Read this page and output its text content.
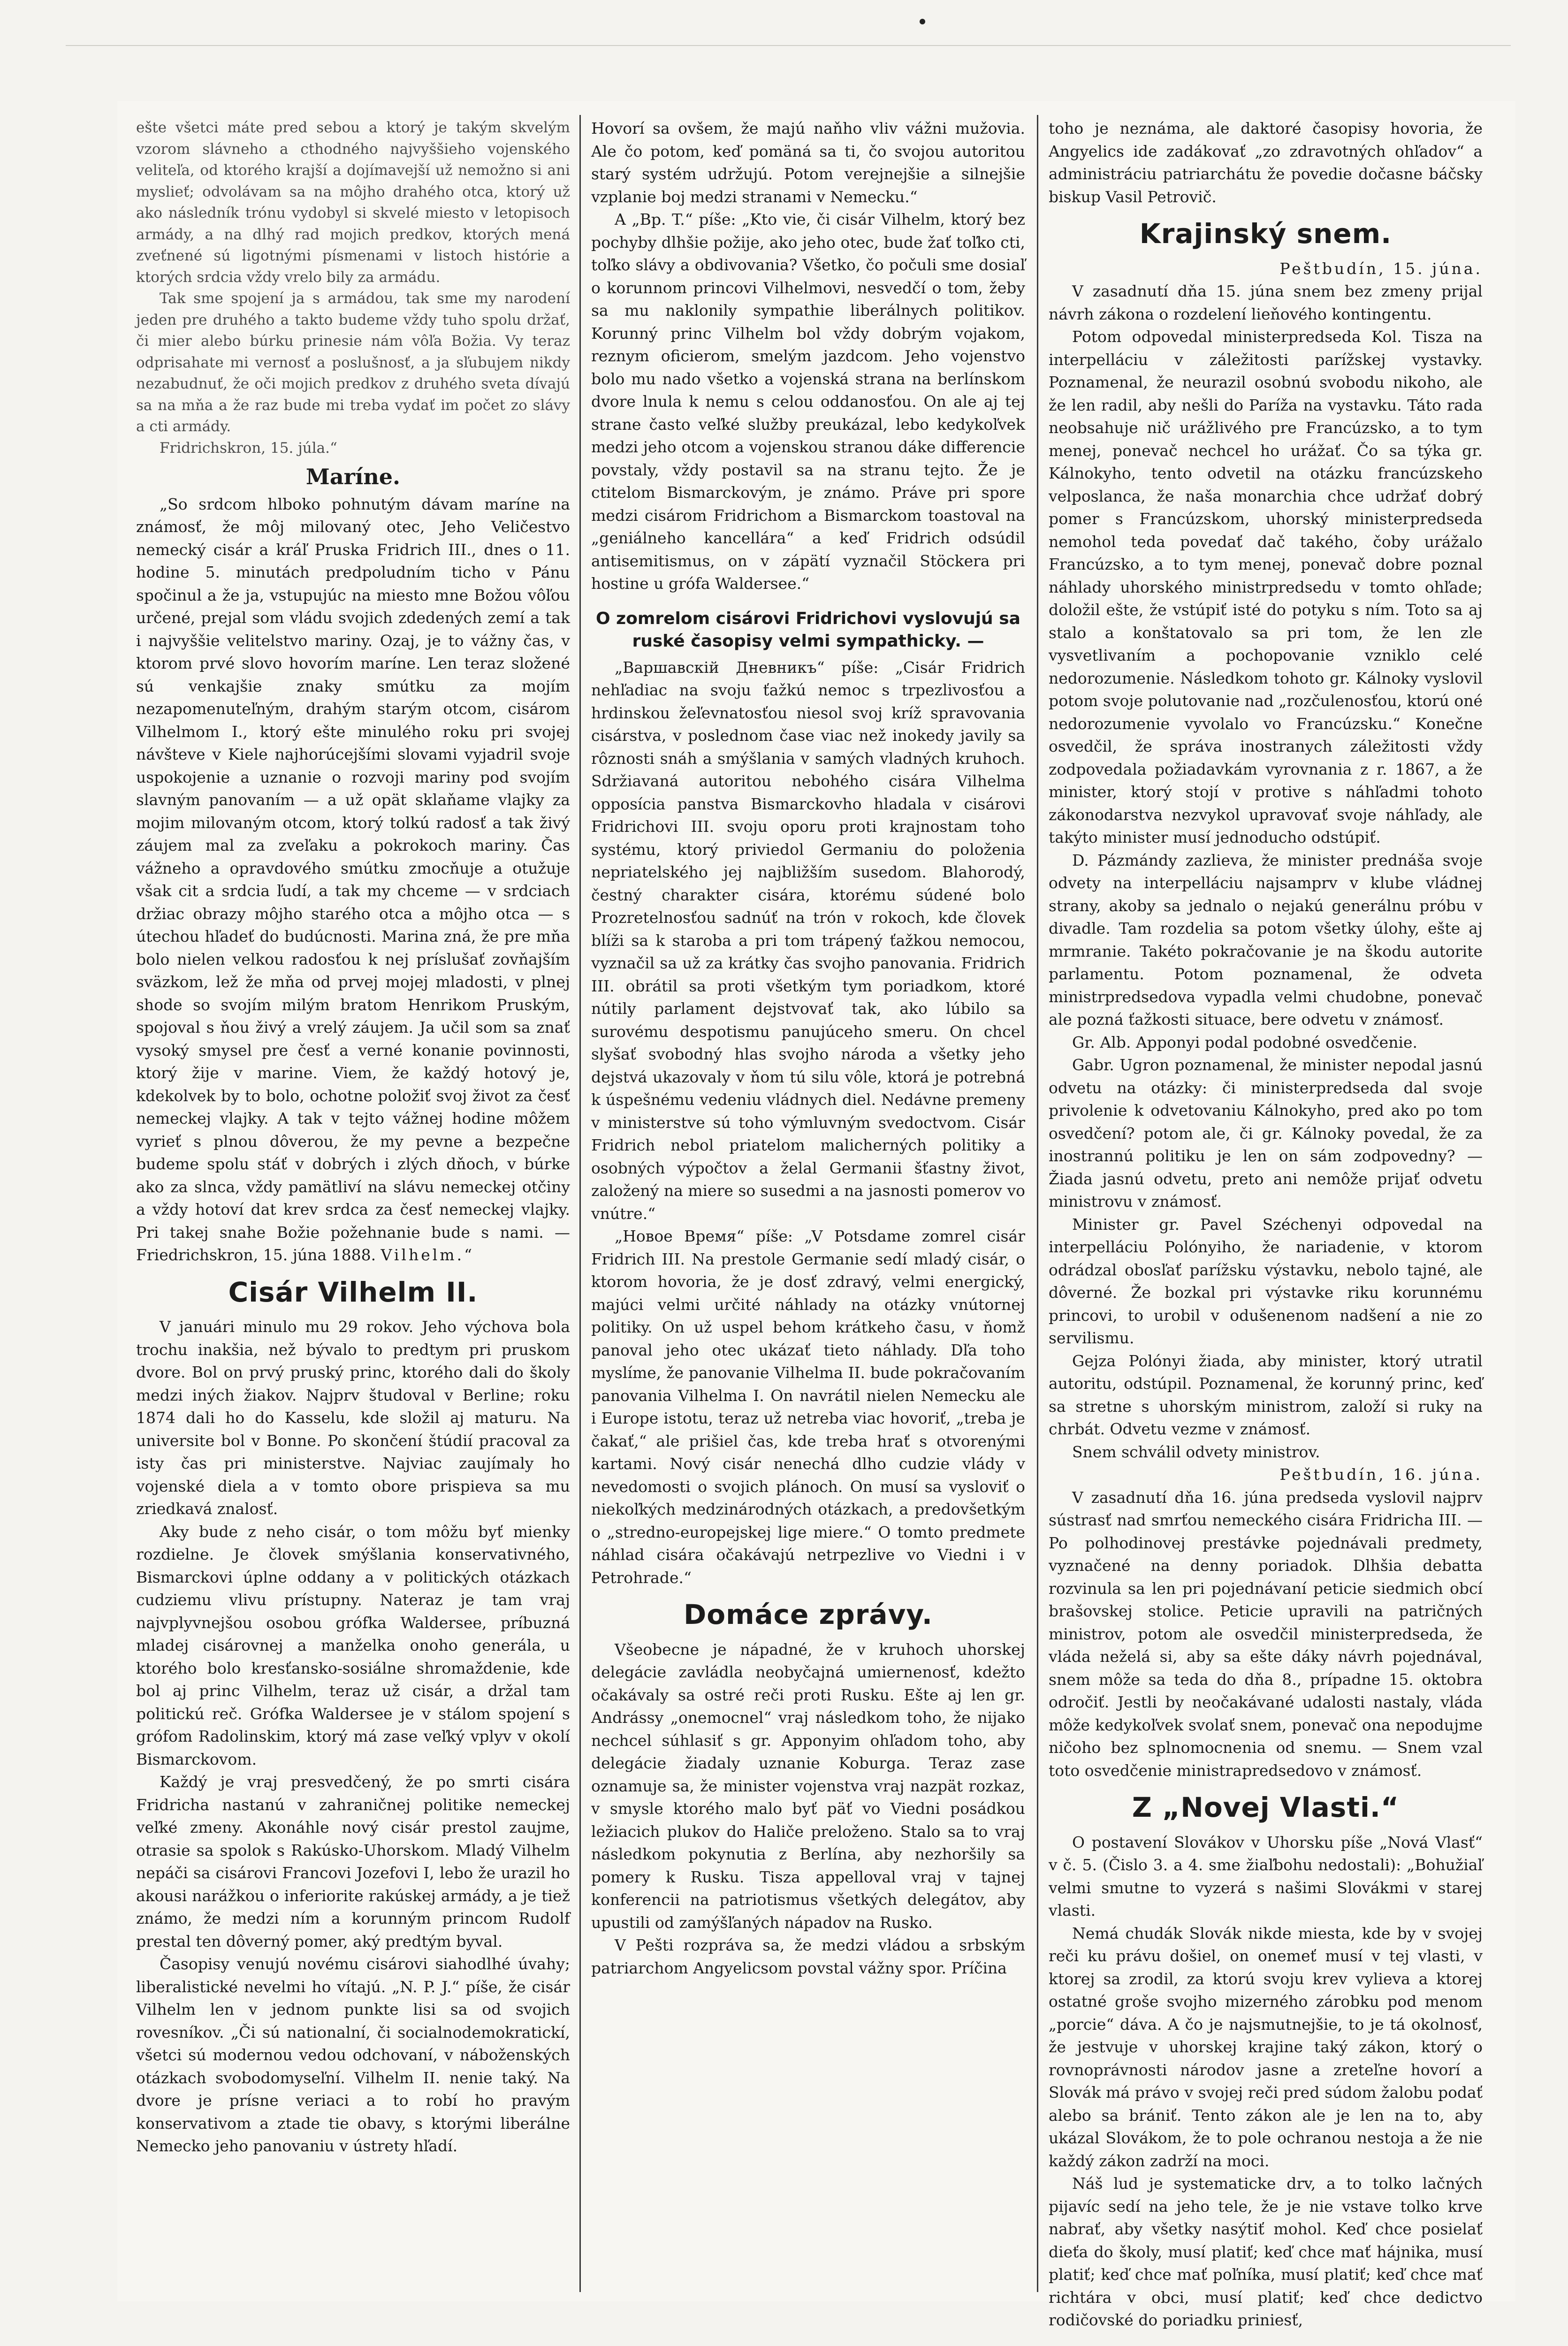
ešte všetci máte pred sebou a ktorý je takým skvelým vzorom slávneho a cthodného najvyššieho vojenského veliteľa, od ktorého krajší a dojímavejší už nemožno si ani myslieť; odvolávam sa na môjho drahého otca, ktorý už ako následník trónu vydobyl si skvelé miesto v letopisoch armády, a na dlhý rad mojich predkov, ktorých mená zveťnené sú ligotnými písmenami v listoch histórie a ktorých srdcia vždy vrelo bily za armádu.

Tak sme spojení ja s armádou, tak sme my narodení jeden pre druhého a takto budeme vždy tuho spolu držať, či mier alebo búrku prinesie nám vôľa Božia. Vy teraz odprisahate mi vernosť a poslušnosť, a ja sľubujem nikdy nezabudnuť, že oči mojich predkov z druhého sveta dívajú sa na mňa a že raz bude mi treba vydať im počet zo slávy a cti armády.

Fridrichskron, 15. júla.“

Maríne.

„So srdcom hlboko pohnutým dávam maríne na známosť, že môj milovaný otec, Jeho Veličestvo nemecký cisár a kráľ Pruska Fridrich III., dnes o 11. hodine 5. minutách predpoludním ticho v Pánu spočinul a že ja, vstupujúc na miesto mne Božou vôľou určené, prejal som vládu svojich zdedených zemí a tak i najvyššie velitelstvo mariny. Ozaj, je to vážny čas, v ktorom prvé slovo hovorím maríne. Len teraz složené sú venkajšie znaky smútku za mojím nezapomenuteľným, drahým starým otcom, cisárom Vilhelmom I., ktorý ešte minulého roku pri svojej návšteve v Kiele najhorúcejšími slovami vyjadril svoje uspokojenie a uznanie o rozvoji mariny pod svojím slavným panovaním — a už opät sklaňame vlajky za mojim milovaným otcom, ktorý tolkú radosť a tak živý záujem mal za zveľaku a pokrokoch mariny. Čas vážneho a opravdového smútku zmocňuje a otužuje však cit a srdcia ľudí, a tak my chceme — v srdciach držiac obrazy môjho starého otca a môjho otca — s útechou hľadeť do budúcnosti. Marina zná, že pre mňa bolo nielen velkou radosťou k nej príslušať zovňajším sväzkom, lež že mňa od prvej mojej mladosti, v plnej shode so svojím milým bratom Henrikom Pruským, spojoval s ňou živý a vrelý záujem. Ja učil som sa znať vysoký smysel pre česť a verné konanie povinnosti, ktorý žije v marine. Viem, že každý hotový je, kdekolvek by to bolo, ochotne položiť svoj život za česť nemeckej vlajky. A tak v tejto vážnej hodine môžem vyrieť s plnou dôverou, že my pevne a bezpečne budeme spolu stáť v dobrých i zlých dňoch, v búrke ako za slnca, vždy pamätliví na slávu nemeckej otčiny a vždy hotoví dat krev srdca za česť nemeckej vlajky. Pri takej snahe Božie požehnanie bude s nami. — Friedrichskron, 15. júna 1888. Vilhelm.“

Cisár Vilhelm II.

V januári minulo mu 29 rokov. Jeho výchova bola trochu inakšia, než bývalo to predtym pri pruskom dvore. Bol on prvý pruský princ, ktorého dali do školy medzi iných žiakov. Najprv študoval v Berline; roku 1874 dali ho do Kasselu, kde složil aj maturu. Na universite bol v Bonne. Po skončení štúdií pracoval za isty čas pri ministerstve. Najviac zaujímaly ho vojenské diela a v tomto obore prispieva sa mu zriedkavá znalosť.

Aky bude z neho cisár, o tom môžu byť mienky rozdielne. Je človek smýšlania konservativného, Bismarckovi úplne oddany a v politických otázkach cudziemu vlivu prístupny. Nateraz je tam vraj najvplyvnejšou osobou grófka Waldersee, príbuzná mladej cisárovnej a manželka onoho generála, u ktorého bolo kresťansko-sosiálne shromaždenie, kde bol aj princ Vilhelm, teraz už cisár, a držal tam politickú reč. Grófka Waldersee je v stálom spojení s grófom Radolinskim, ktorý má zase veľký vplyv v okolí Bismarckovom.

Každý je vraj presvedčený, že po smrti cisára Fridricha nastanú v zahraničnej politike nemeckej veľké zmeny. Akonáhle nový cisár prestol zaujme, otrasie sa spolok s Rakúsko-Uhorskom. Mladý Vilhelm nepáči sa cisárovi Francovi Jozefovi I, lebo že urazil ho akousi narážkou o inferiorite rakúskej armády, a je tiež známo, že medzi ním a korunným princom Rudolf prestal ten dôverný pomer, aký predtým byval.

Časopisy venujú novému cisárovi siahodlhé úvahy; liberalistické nevelmi ho vítajú. „N. P. J.“ píše, že cisár Vilhelm len v jednom punkte lisi sa od svojich rovesníkov. „Či sú nationalní, či socialnodemokratickí, všetci sú modernou vedou odchovaní, v náboženských otázkach svobodomyseľní. Vilhelm II. nenie taký. Na dvore je prísne veriaci a to robí ho pravým konservativom a ztade tie obavy, s ktorými liberálne Nemecko jeho panovaniu v ústrety hľadí.

Hovorí sa ovšem, že majú naňho vliv vážni mužovia. Ale čo potom, keď pomäná sa ti, čo svojou autoritou starý systém udržujú. Potom verejnejšie a silnejšie vzplanie boj medzi stranami v Nemecku.“

A „Bp. T.“ píše: „Kto vie, či cisár Vilhelm, ktorý bez pochyby dlhšie požije, ako jeho otec, bude žať toľko cti, toľko slávy a obdivovania? Všetko, čo počuli sme dosiaľ o korunnom princovi Vilhelmovi, nesvedčí o tom, žeby sa mu naklonily sympathie liberálnych politikov. Korunný princ Vilhelm bol vždy dobrým vojakom, reznym oficierom, smelým jazdcom. Jeho vojenstvo bolo mu nado všetko a vojenská strana na berlínskom dvore lnula k nemu s celou oddanosťou. On ale aj tej strane často veľké služby preukázal, lebo kedykoľvek medzi jeho otcom a vojenskou stranou dáke differencie povstaly, vždy postavil sa na stranu tejto. Že je ctitelom Bismarckovým, je známo. Práve pri spore medzi cisárom Fridrichom a Bismarckom toastoval na „geniálneho kancellára“ a keď Fridrich odsúdil antisemitismus, on v zápätí vyznačil Stöckera pri hostine u grófa Waldersee.“

O zomrelom cisárovi Fridrichovi vyslovujú sa ruské časopisy velmi sympathicky. —

„Варшавскiй Дневникъ“ píše: „Cisár Fridrich nehľadiac na svoju ťažkú nemoc s trpezlivosťou a hrdinskou žeľevnatosťou niesol svoj kríž spravovania cisárstva, v poslednom čase viac než inokedy javily sa rôznosti snáh a smýšlania v samých vladných kruhoch. Sdržiavaná autoritou nebohého cisára Vilhelma opposícia panstva Bismarckovho hladala v cisárovi Fridrichovi III. svoju oporu proti krajnostam toho systému, ktorý priviedol Germaniu do položenia nepriatelského jej najbližším susedom. Blahorodý, čestný charakter cisára, ktorému súdené bolo Prozretelnosťou sadnúť na trón v rokoch, kde človek blíži sa k staroba a pri tom trápený ťažkou nemocou, vyznačil sa už za krátky čas svojho panovania. Fridrich III. obrátil sa proti všetkým tym poriadkom, ktoré nútily parlament dejstvovať tak, ako lúbilo sa surovému despotismu panujúceho smeru. On chcel slyšať svobodný hlas svojho národa a všetky jeho dejstvá ukazovaly v ňom tú silu vôle, ktorá je potrebná k úspešnému vedeniu vládnych diel. Nedávne premeny v ministerstve sú toho výmluvným svedoctvom. Cisár Fridrich nebol priatelom malicherných politiky a osobných výpočtov a želal Germanii šťastny život, založený na miere so susedmi a na jasnosti pomerov vo vnútre.“

„Новое Время“ píše: „V Potsdame zomrel cisár Fridrich III. Na prestole Germanie sedí mladý cisár, o ktorom hovoria, že je dosť zdravý, velmi energický, majúci velmi určité náhlady na otázky vnútornej politiky. On už uspel behom krátkeho času, v ňomž panoval jeho otec ukázať tieto náhlady. Dľa toho myslíme, že panovanie Vilhelma II. bude pokračovaním panovania Vilhelma I. On navrátil nielen Nemecku ale i Europe istotu, teraz už netreba viac hovoriť, „treba je čakať,“ ale prišiel čas, kde treba hrať s otvorenými kartami. Nový cisár nenechá dlho cudzie vlády v nevedomosti o svojich plánoch. On musí sa vysloviť o niekoľkých medzinárodných otázkach, a predovšetkým o „stredno-europejskej lige miere.“ O tomto predmete náhlad cisára očakávajú netrpezlive vo Viedni i v Petrohrade.“

Domáce zprávy.

Všeobecne je nápadné, že v kruhoch uhorskej delegácie zavládla neobyčajná umiernenosť, kdežto očakávaly sa ostré reči proti Rusku. Ešte aj len gr. Andrássy „onemocnel“ vraj následkom toho, že nijako nechcel súhlasiť s gr. Apponyim ohľadom toho, aby delegácie žiadaly uznanie Koburga. Teraz zase oznamuje sa, že minister vojenstva vraj nazpät rozkaz, v smysle ktorého malo byť päť vo Viedni posádkou ležiacich plukov do Haliče preloženo. Stalo sa to vraj následkom pokynutia z Berlína, aby nezhoršily sa pomery k Rusku. Tisza appelloval vraj v tajnej konferencii na patriotismus všetkých delegátov, aby upustili od zamýšľaných nápadov na Rusko.

V Pešti rozpráva sa, že medzi vládou a srbským patriarchom Angyelicsom povstal vážny spor. Príčina

toho je neznáma, ale daktoré časopisy hovoria, že Angyelics ide zadákovať „zo zdravotných ohľadov“ a administráciu patriarchátu že povedie dočasne báčsky biskup Vasil Petrovič.

Krajinský snem.

Peštbudín, 15. júna.

V zasadnutí dňa 15. júna snem bez zmeny prijal návrh zákona o rozdelení lieňového kontingentu.

Potom odpovedal ministerpredseda Kol. Tisza na interpelláciu v záležitosti parížskej vystavky. Poznamenal, že neurazil osobnú svobodu nikoho, ale že len radil, aby nešli do Paríža na vystavku. Táto rada neobsahuje nič urážlivého pre Francúzsko, a to tym menej, ponevač nechcel ho urážať. Čo sa týka gr. Kálnokyho, tento odvetil na otázku francúzskeho velposlanca, že naša monarchia chce udržať dobrý pomer s Francúzskom, uhorský ministerpredseda nemohol teda povedať dač takého, čoby urážalo Francúzsko, a to tym menej, ponevač dobre poznal náhlady uhorského ministrpredsedu v tomto ohľade; doložil ešte, že vstúpiť isté do potyku s ním. Toto sa aj stalo a konštatovalo sa pri tom, že len zle vysvetlivaním a pochopovanie vzniklo celé nedorozumenie. Následkom tohoto gr. Kálnoky vyslovil potom svoje polutovanie nad „rozčulenosťou, ktorú oné nedorozumenie vyvolalo vo Francúzsku.“ Konečne osvedčil, že správa inostranych záležitosti vždy zodpovedala požiadavkám vyrovnania z r. 1867, a že minister, ktorý stojí v protive s náhľadmi tohoto zákonodarstva nezvykol upravovať svoje náhľady, ale takýto minister musí jednoducho odstúpiť.

D. Pázmándy zazlieva, že minister prednáša svoje odvety na interpelláciu najsamprv v klube vládnej strany, akoby sa jednalo o nejakú generálnu próbu v divadle. Tam rozdelia sa potom všetky úlohy, ešte aj mrmranie. Takéto pokračovanie je na škodu autorite parlamentu. Potom poznamenal, že odveta ministrpredsedova vypadla velmi chudobne, ponevač ale pozná ťažkosti situace, bere odvetu v známosť.

Gr. Alb. Apponyi podal podobné osvedčenie.

Gabr. Ugron poznamenal, že minister nepodal jasnú odvetu na otázky: či ministerpredseda dal svoje privolenie k odvetovaniu Kálnokyho, pred ako po tom osvedčení? potom ale, či gr. Kálnoky povedal, že za inostrannú politiku je len on sám zodpovedny? — Žiada jasnú odvetu, preto ani nemôže prijať odvetu ministrovu v známosť.

Minister gr. Pavel Széchenyi odpovedal na interpelláciu Polónyiho, že nariadenie, v ktorom odrádzal obosľať parížsku výstavku, nebolo tajné, ale dôverné. Že bozkal pri výstavke riku korunnému princovi, to urobil v odušenenom nadšení a nie zo servilismu.

Gejza Polónyi žiada, aby minister, ktorý utratil autoritu, odstúpil. Poznamenal, že korunný princ, keď sa stretne s uhorským ministrom, založí si ruky na chrbát. Odvetu vezme v známosť.

Snem schválil odvety ministrov.

Peštbudín, 16. júna.

V zasadnutí dňa 16. júna predseda vyslovil najprv sústrasť nad smrťou nemeckého cisára Fridricha III. — Po polhodinovej prestávke pojednávali predmety, vyznačené na denny poriadok. Dlhšia debatta rozvinula sa len pri pojednávaní peticie siedmich obcí brašovskej stolice. Peticie upravili na patričných ministrov, potom ale osvedčil ministerpredseda, že vláda neželá si, aby sa ešte dáky návrh pojednával, snem môže sa teda do dňa 8., prípadne 15. oktobra odročiť. Jestli by neočakávané udalosti nastaly, vláda môže kedykoľvek svolať snem, ponevač ona nepodujme ničoho bez splnomocnenia od snemu. — Snem vzal toto osvedčenie ministrapredsedovo v známosť.

Z „Novej Vlasti.“

O postavení Slovákov v Uhorsku píše „Nová Vlasť“ v č. 5. (Čislo 3. a 4. sme žiaľbohu nedostali): „Bohužiaľ velmi smutne to vyzerá s našimi Slovákmi v starej vlasti.

Nemá chudák Slovák nikde miesta, kde by v svojej reči ku právu došiel, on onemeť musí v tej vlasti, v ktorej sa zrodil, za ktorú svoju krev vylieva a ktorej ostatné groše svojho mizerného zárobku pod menom „porcie“ dáva. A čo je najsmutnejšie, to je tá okolnosť, že jestvuje v uhorskej krajine taký zákon, ktorý o rovnoprávnosti národov jasne a zreteľne hovorí a Slovák má právo v svojej reči pred súdom žalobu podať alebo sa brániť. Tento zákon ale je len na to, aby ukázal Slovákom, že to pole ochranou nestoja a že nie každý zákon zadrží na moci.

Náš lud je systematicke drv, a to tolko lačných pijavíc sedí na jeho tele, že je nie vstave tolko krve nabrať, aby všetky nasýtiť mohol. Keď chce posielať dieťa do školy, musí platiť; keď chce mať hájnika, musí platiť; keď chce mať poľníka, musí platiť; keď chce mať richtára v obci, musí platiť; keď chce dedictvo rodičovské do poriadku priniesť,
